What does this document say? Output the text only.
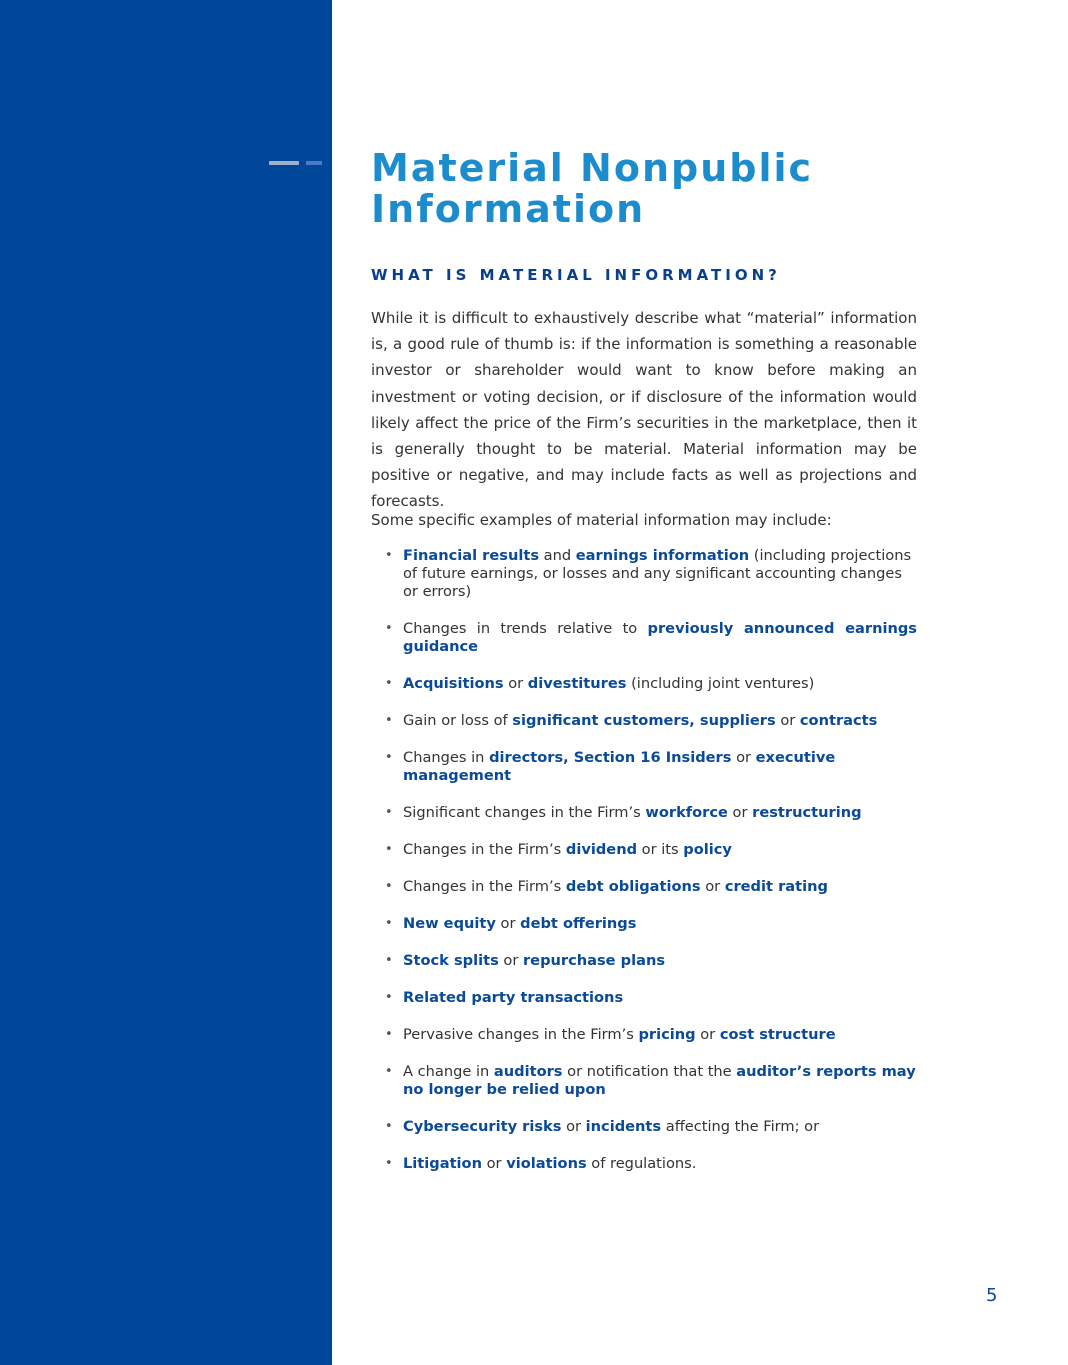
Material Nonpublic Information
WHAT IS MATERIAL INFORMATION?

While it is difficult to exhaustively describe what “material” information is, a good rule of thumb is: if the information is something a reasonable investor or shareholder would want to know before making an investment or voting decision, or if disclosure of the information would likely affect the price of the Firm’s securities in the marketplace, then it is generally thought to be material. Material information may be positive or negative, and may include facts as well as projections and forecasts.

Some specific examples of material information may include:

• Financial results and earnings information (including projections of future earnings, or losses and any significant accounting changes or errors)
• Changes in trends relative to previously announced earnings guidance
• Acquisitions or divestitures (including joint ventures)
• Gain or loss of significant customers, suppliers or contracts
• Changes in directors, Section 16 Insiders or executive management
• Significant changes in the Firm’s workforce or restructuring
• Changes in the Firm’s dividend or its policy
• Changes in the Firm’s debt obligations or credit rating
• New equity or debt offerings
• Stock splits or repurchase plans
• Related party transactions
• Pervasive changes in the Firm’s pricing or cost structure
• A change in auditors or notification that the auditor’s reports may no longer be relied upon
• Cybersecurity risks or incidents affecting the Firm; or
• Litigation or violations of regulations.
5
